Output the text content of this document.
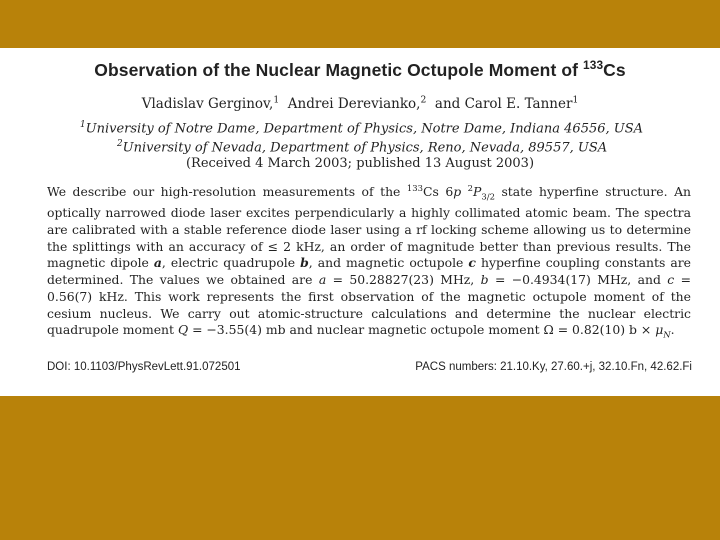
Observation of the Nuclear Magnetic Octupole Moment of $^{133}$Cs
Vladislav Gerginov,$^1$ Andrei Derevianko,$^2$ and Carol E. Tanner$^1$
$^1$University of Notre Dame, Department of Physics, Notre Dame, Indiana 46556, USA
$^2$University of Nevada, Department of Physics, Reno, Nevada, 89557, USA
(Received 4 March 2003; published 13 August 2003)
We describe our high-resolution measurements of the $^{133}$Cs 6p $^2P_{3/2}$ state hyperfine structure. An optically narrowed diode laser excites perpendicularly a highly collimated atomic beam. The spectra are calibrated with a stable reference diode laser using a rf locking scheme allowing us to determine the splittings with an accuracy of ≤ 2 kHz, an order of magnitude better than previous results. The magnetic dipole a, electric quadrupole b, and magnetic octupole c hyperfine coupling constants are determined. The values we obtained are a = 50.28827(23) MHz, b = −0.4934(17) MHz, and c = 0.56(7) kHz. This work represents the first observation of the magnetic octupole moment of the cesium nucleus. We carry out atomic-structure calculations and determine the nuclear electric quadrupole moment Q = −3.55(4) mb and nuclear magnetic octupole moment Ω = 0.82(10) $b \times \mu_N$.
DOI: 10.1103/PhysRevLett.91.072501	PACS numbers: 21.10.Ky, 27.60.+j, 32.10.Fn, 42.62.Fi
